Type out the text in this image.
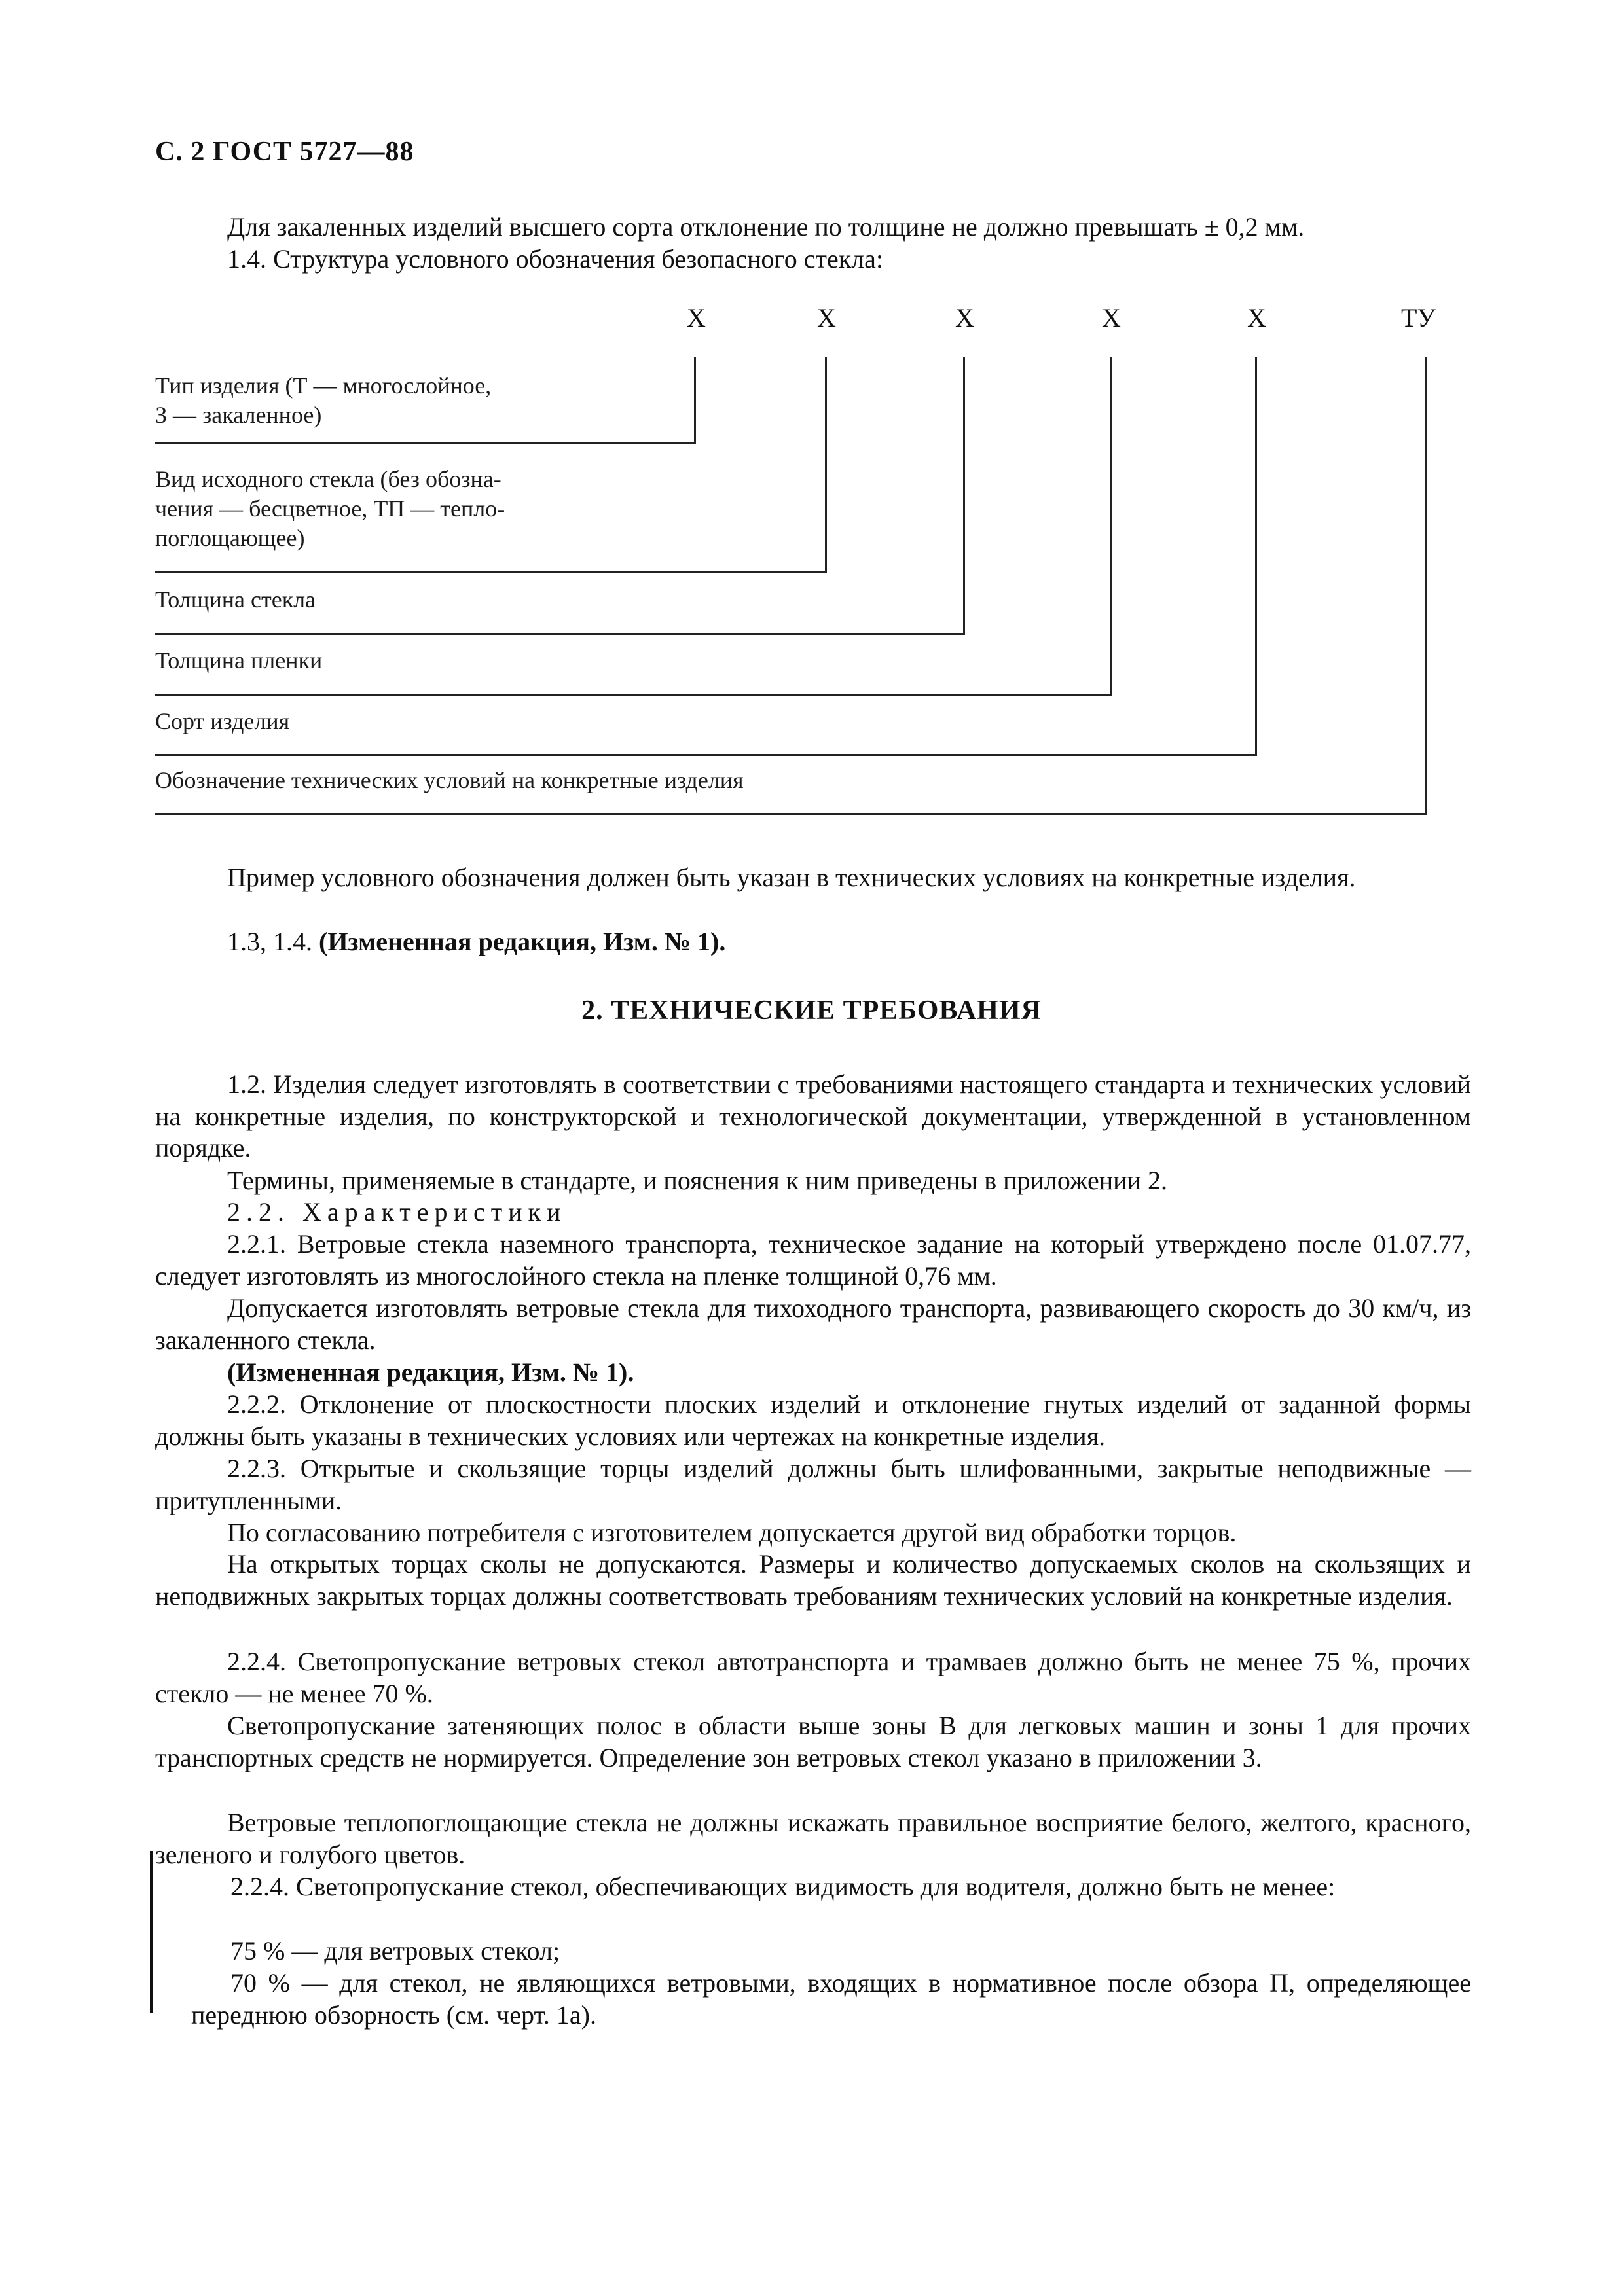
С. 2 ГОСТ 5727—88
Для закаленных изделий высшего сорта отклонение по толщине не должно превышать ± 0,2 мм.
1.4. Структура условного обозначения безопасного стекла:
X	X	X	X	X	ТУ
Тип изделия (Т — многослойное,
З — закаленное)
Вид исходного стекла (без обозна-
чения — бесцветное, ТП — тепло-
поглощающее)
Толщина стекла
Толщина пленки
Сорт изделия
Обозначение технических условий на конкретные изделия
Пример условного обозначения должен быть указан в технических условиях на конкретные изделия.
1.3, 1.4. (Измененная редакция, Изм. № 1).
2. ТЕХНИЧЕСКИЕ ТРЕБОВАНИЯ
1.2. Изделия следует изготовлять в соответствии с требованиями настоящего стандарта и технических условий на конкретные изделия, по конструкторской и технологической документации, утвержденной в установленном порядке.
Термины, применяемые в стандарте, и пояснения к ним приведены в приложении 2.
2.2. Характеристики
2.2.1. Ветровые стекла наземного транспорта, техническое задание на который утверждено после 01.07.77, следует изготовлять из многослойного стекла на пленке толщиной 0,76 мм.
Допускается изготовлять ветровые стекла для тихоходного транспорта, развивающего скорость до 30 км/ч, из закаленного стекла.
(Измененная редакция, Изм. № 1).
2.2.2. Отклонение от плоскостности плоских изделий и отклонение гнутых изделий от заданной формы должны быть указаны в технических условиях или чертежах на конкретные изделия.
2.2.3. Открытые и скользящие торцы изделий должны быть шлифованными, закрытые неподвижные — притупленными.
По согласованию потребителя с изготовителем допускается другой вид обработки торцов.
На открытых торцах сколы не допускаются. Размеры и количество допускаемых сколов на скользящих и неподвижных закрытых торцах должны соответствовать требованиям технических условий на конкретные изделия.
2.2.4. Светопропускание ветровых стекол автотранспорта и трамваев должно быть не менее 75 %, прочих стекло — не менее 70 %.
Светопропускание затеняющих полос в области выше зоны В для легковых машин и зоны 1 для прочих транспортных средств не нормируется. Определение зон ветровых стекол указано в приложении 3.
Ветровые теплопоглощающие стекла не должны искажать правильное восприятие белого, желтого, красного, зеленого и голубого цветов.
2.2.4. Светопропускание стекол, обеспечивающих видимость для водителя, должно быть не менее:
75 % — для ветровых стекол;
70 % — для стекол, не являющихся ветровыми, входящих в нормативное после обзора П, определяющее переднюю обзорность (см. черт. 1а).
